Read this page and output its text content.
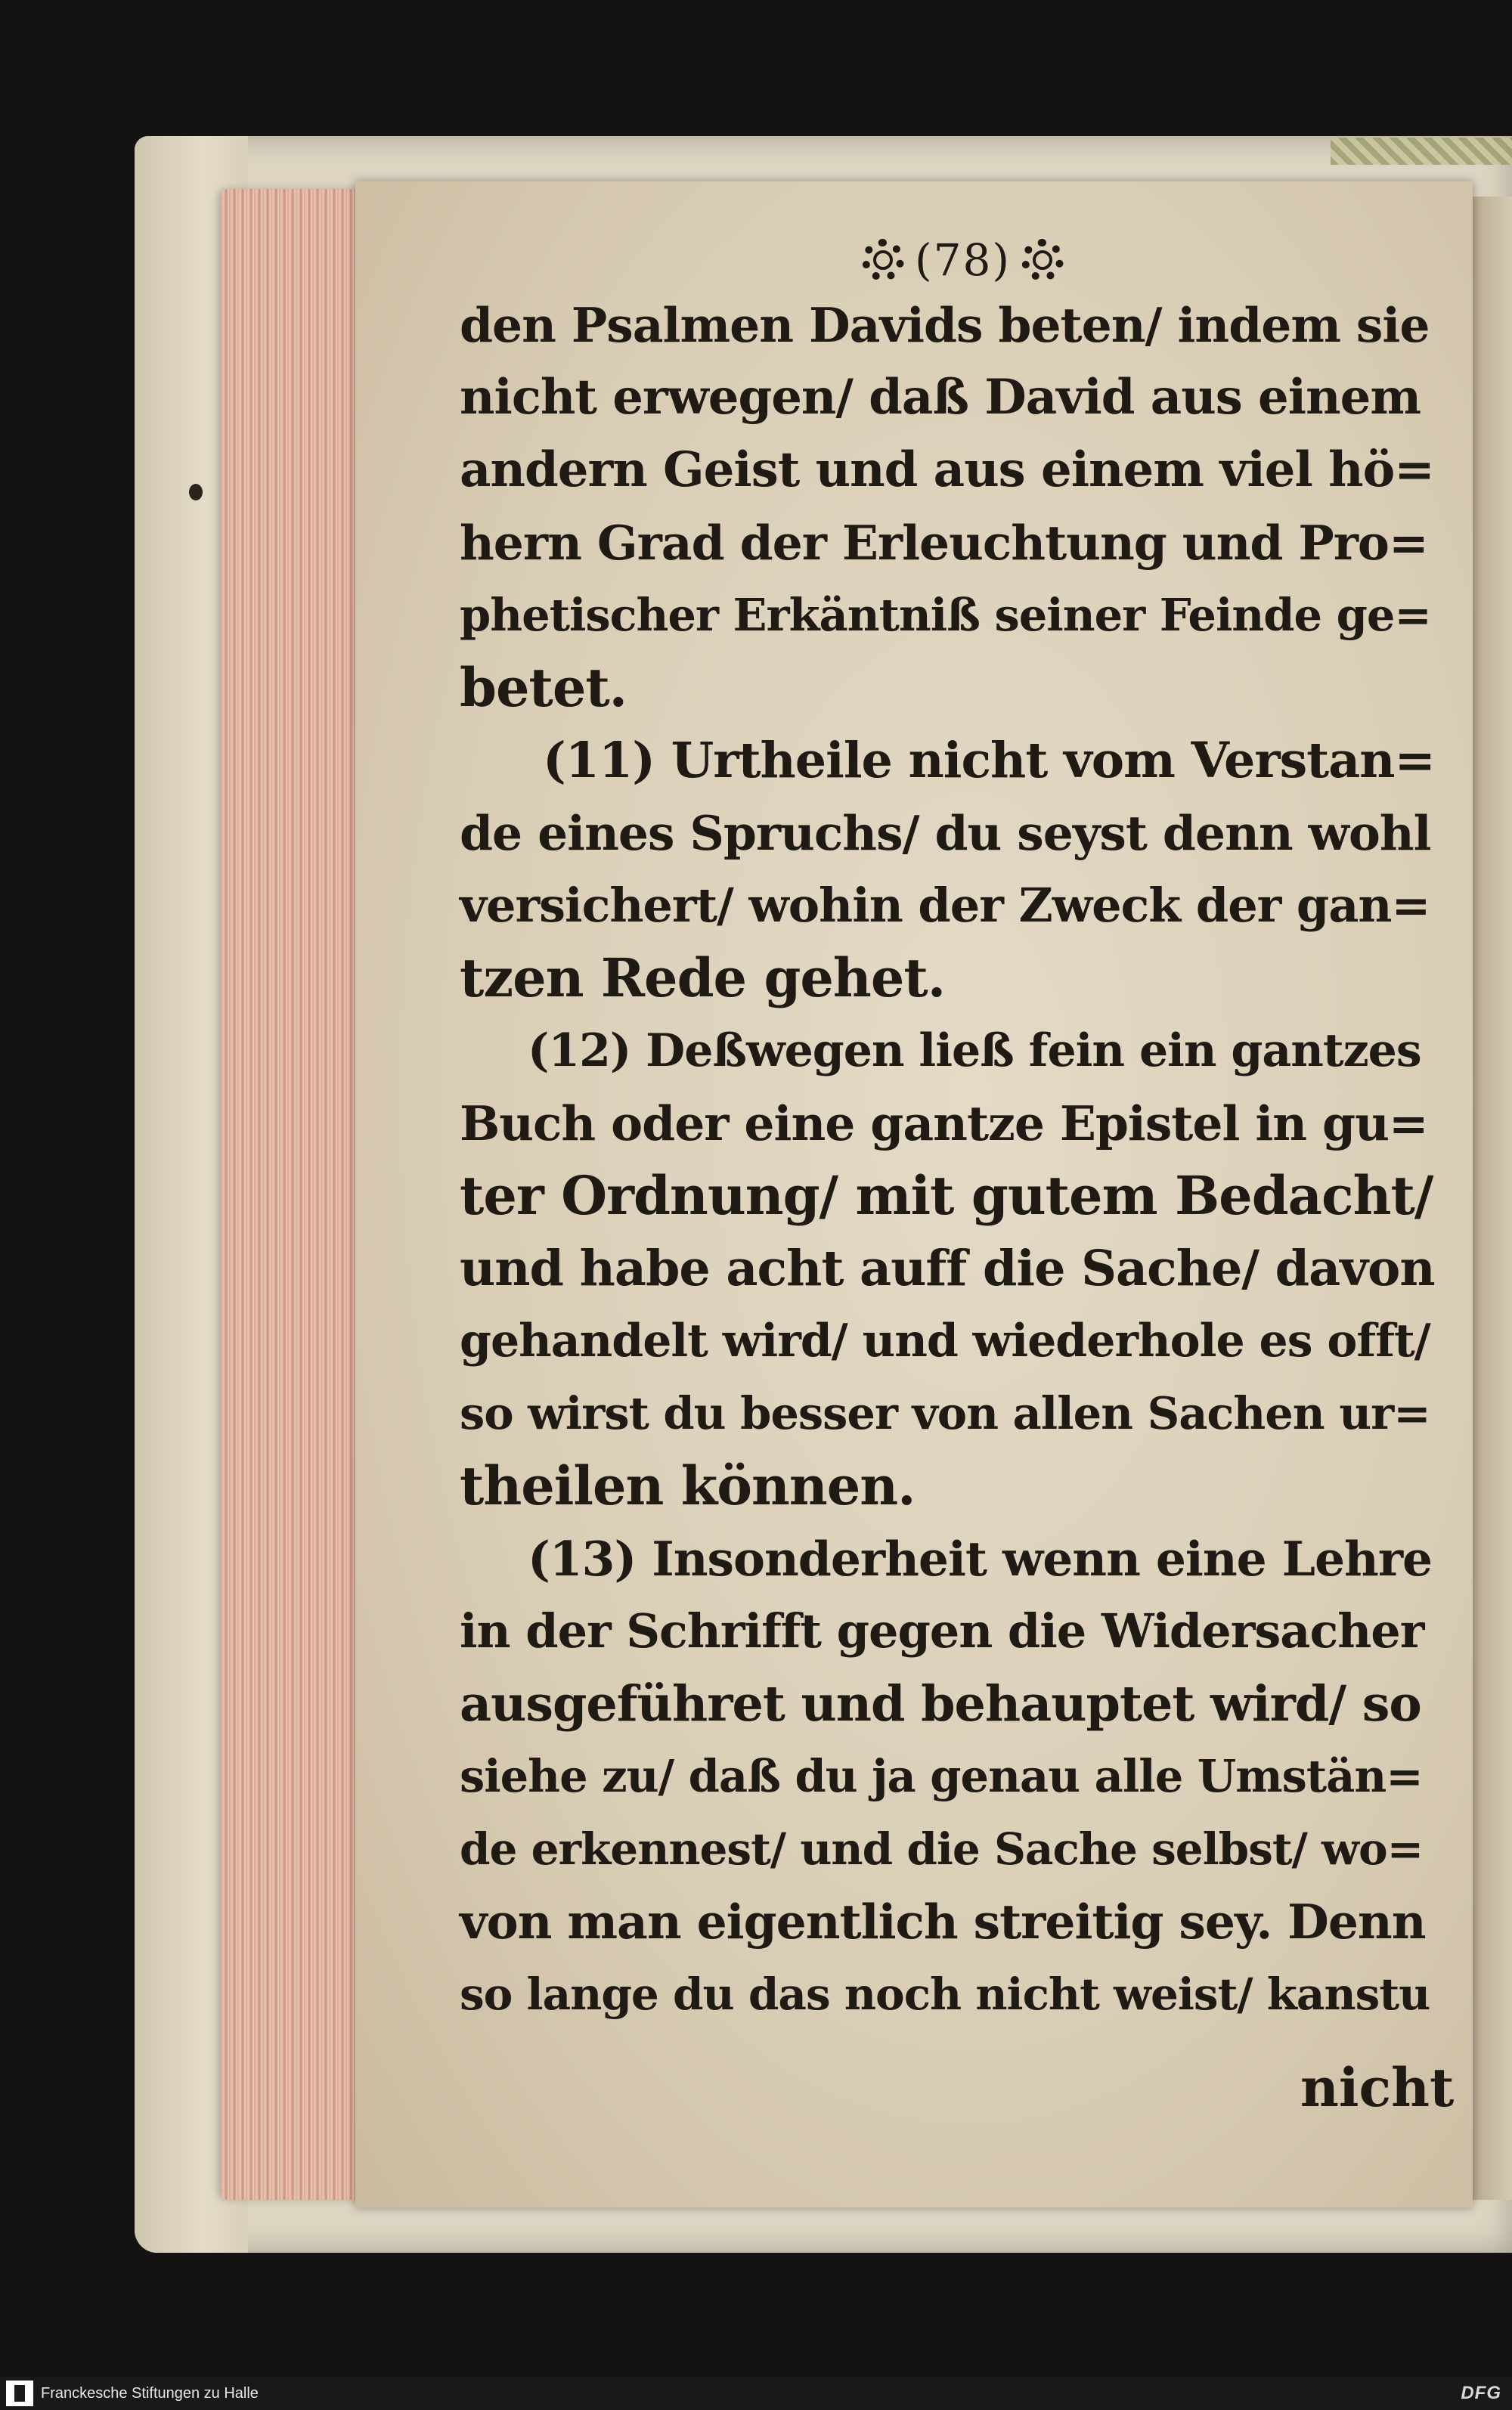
(78)
den Psalmen Davids beten/ indem sie
nicht erwegen/ daß David aus einem
andern Geist und aus einem viel hö=
hern Grad der Erleuchtung und Pro=
phetischer Erkäntniß seiner Feinde ge=
betet.
(11) Urtheile nicht vom Verstan=
de eines Spruchs/ du seyst denn wohl
versichert/ wohin der Zweck der gan=
tzen Rede gehet.
(12) Deßwegen ließ fein ein gantzes
Buch oder eine gantze Epistel in gu=
ter Ordnung/ mit gutem Bedacht/
und habe acht auff die Sache/ davon
gehandelt wird/ und wiederhole es offt/
so wirst du besser von allen Sachen ur=
theilen können.
(13) Insonderheit wenn eine Lehre
in der Schrifft gegen die Widersacher
ausgeführet und behauptet wird/ so
siehe zu/ daß du ja genau alle Umstän=
de erkennest/ und die Sache selbst/ wo=
von man eigentlich streitig sey. Denn
so lange du das noch nicht weist/ kanstu
nicht
Franckesche Stiftungen zu Halle	DFG
